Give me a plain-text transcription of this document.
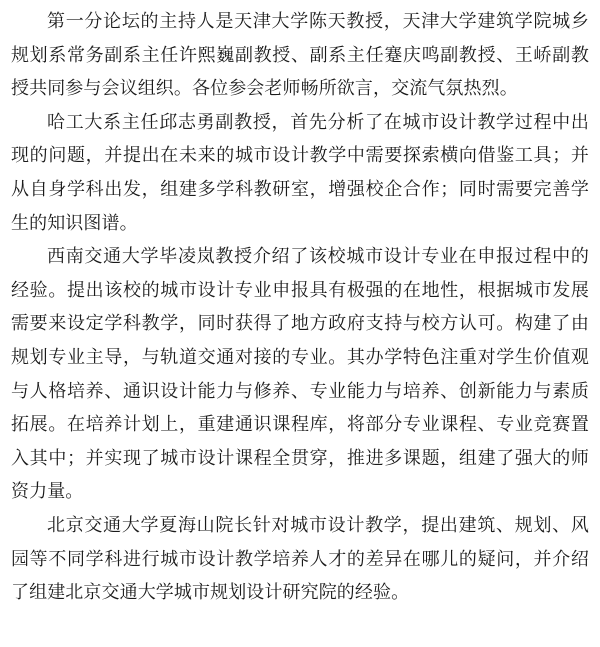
第一分论坛的主持人是天津大学陈天教授，天津大学建筑学院城乡规划系常务副系主任许熙巍副教授、副系主任蹇庆鸣副教授、王峤副教授共同参与会议组织。各位参会老师畅所欲言，交流气氛热烈。

哈工大系主任邱志勇副教授，首先分析了在城市设计教学过程中出现的问题，并提出在未来的城市设计教学中需要探索横向借鉴工具；并从自身学科出发，组建多学科教研室，增强校企合作；同时需要完善学生的知识图谱。

西南交通大学毕凌岚教授介绍了该校城市设计专业在申报过程中的经验。提出该校的城市设计专业申报具有极强的在地性，根据城市发展需要来设定学科教学，同时获得了地方政府支持与校方认可。构建了由规划专业主导，与轨道交通对接的专业。其办学特色注重对学生价值观与人格培养、通识设计能力与修养、专业能力与培养、创新能力与素质拓展。在培养计划上，重建通识课程库，将部分专业课程、专业竞赛置入其中；并实现了城市设计课程全贯穿，推进多课题，组建了强大的师资力量。

北京交通大学夏海山院长针对城市设计教学，提出建筑、规划、风园等不同学科进行城市设计教学培养人才的差异在哪儿的疑问，并介绍了组建北京交通大学城市规划设计研究院的经验。
